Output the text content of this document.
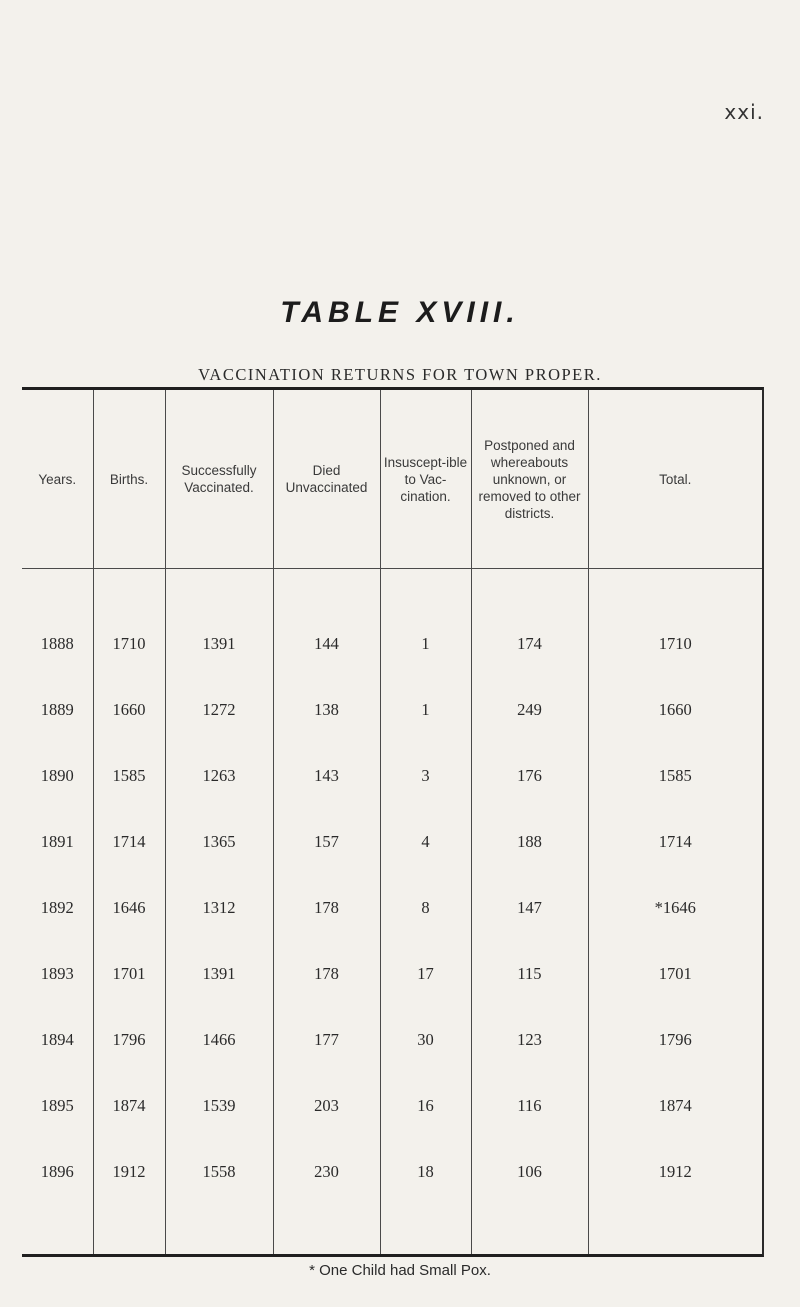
xxi.
TABLE XVIII.
VACCINATION RETURNS FOR TOWN PROPER.
Years.	Births.	Successfully Vaccinated.	Died Unvaccinated	Insuscept-ible to Vac-cination.	Postponed and whereabouts unknown, or removed to other districts.	Total.

1888	1710	1391	144	1	174	1710
1889	1660	1272	138	1	249	1660
1890	1585	1263	143	3	176	1585
1891	1714	1365	157	4	188	1714
1892	1646	1312	178	8	147	*1646
1893	1701	1391	178	17	115	1701
1894	1796	1466	177	30	123	1796
1895	1874	1539	203	16	116	1874
1896	1912	1558	230	18	106	1912

* One Child had Small Pox.
